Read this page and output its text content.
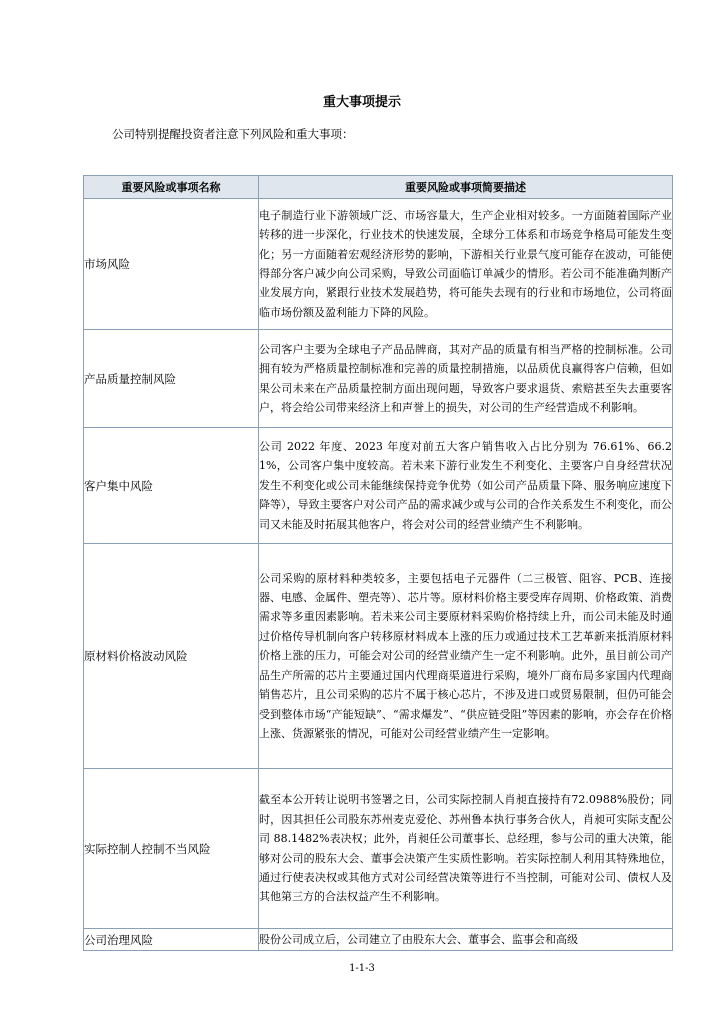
重大事项提示
公司特别提醒投资者注意下列风险和重大事项：
重要风险或事项名称	重要风险或事项简要描述
市场风险	电子制造行业下游领域广泛、市场容量大，生产企业相对较多。一方面随着国际产业转移的进一步深化，行业技术的快速发展，全球分工体系和市场竞争格局可能发生变化；另一方面随着宏观经济形势的影响，下游相关行业景气度可能存在波动，可能使得部分客户减少向公司采购，导致公司面临订单减少的情形。若公司不能准确判断产业发展方向，紧跟行业技术发展趋势，将可能失去现有的行业和市场地位，公司将面临市场份额及盈利能力下降的风险。
产品质量控制风险	公司客户主要为全球电子产品品牌商，其对产品的质量有相当严格的控制标准。公司拥有较为严格质量控制标准和完善的质量控制措施，以品质优良赢得客户信赖，但如果公司未来在产品质量控制方面出现问题，导致客户要求退货、索赔甚至失去重要客户，将会给公司带来经济上和声誉上的损失，对公司的生产经营造成不利影响。
客户集中风险	公司 2022 年度、2023 年度对前五大客户销售收入占比分别为 76.61%、66.21%，公司客户集中度较高。若未来下游行业发生不利变化、主要客户自身经营状况发生不利变化或公司未能继续保持竞争优势（如公司产品质量下降、服务响应速度下降等），导致主要客户对公司产品的需求减少或与公司的合作关系发生不利变化，而公司又未能及时拓展其他客户，将会对公司的经营业绩产生不利影响。
原材料价格波动风险	公司采购的原材料种类较多，主要包括电子元器件（二三极管、阻容、PCB、连接器、电感、金属件、塑壳等）、芯片等。原材料价格主要受库存周期、价格政策、消费需求等多重因素影响。若未来公司主要原材料采购价格持续上升，而公司未能及时通过价格传导机制向客户转移原材料成本上涨的压力或通过技术工艺革新来抵消原材料价格上涨的压力，可能会对公司的经营业绩产生一定不利影响。此外，虽目前公司产品生产所需的芯片主要通过国内代理商渠道进行采购，境外厂商布局多家国内代理商销售芯片，且公司采购的芯片不属于核心芯片，不涉及进口或贸易限制，但仍可能会受到整体市场“产能短缺”、“需求爆发”、“供应链受阻”等因素的影响，亦会存在价格上涨、货源紧张的情况，可能对公司经营业绩产生一定影响。
实际控制人控制不当风险	截至本公开转让说明书签署之日，公司实际控制人肖昶直接持有72.0988%股份；同时，因其担任公司股东苏州麦克爱伦、苏州鲁本执行事务合伙人，肖昶可实际支配公司 88.1482%表决权；此外，肖昶任公司董事长、总经理，参与公司的重大决策，能够对公司的股东大会、董事会决策产生实质性影响。若实际控制人利用其特殊地位，通过行使表决权或其他方式对公司经营决策等进行不当控制，可能对公司、债权人及其他第三方的合法权益产生不利影响。
公司治理风险	股份公司成立后，公司建立了由股东大会、董事会、监事会和高级
1-1-3
